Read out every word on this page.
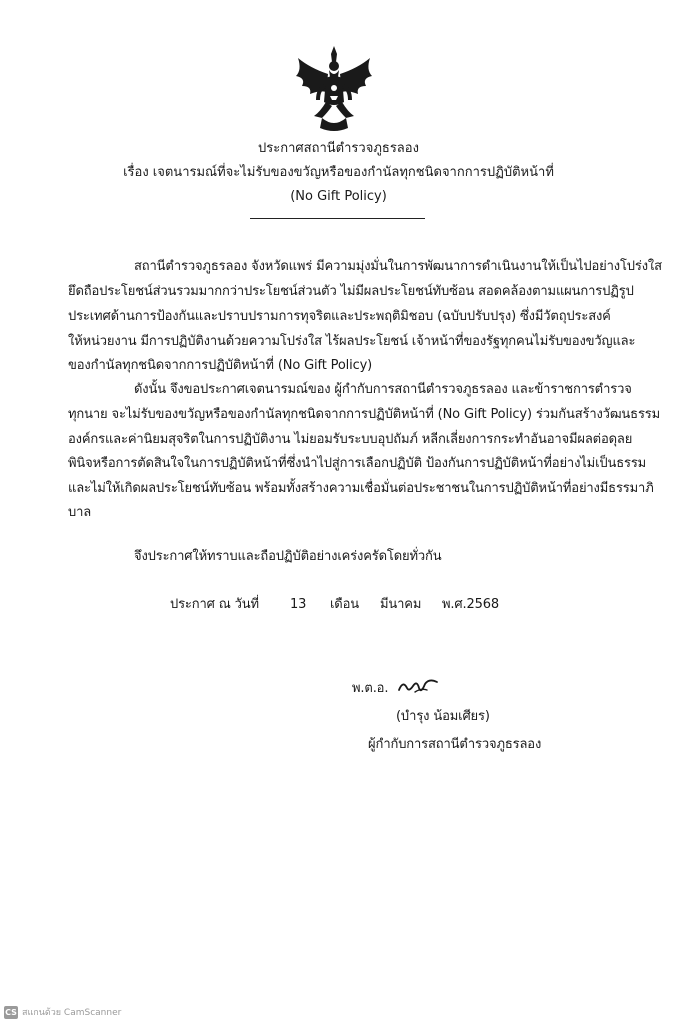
ประกาศสถานีตำรวจภูธรลอง
เรื่อง เจตนารมณ์ที่จะไม่รับของขวัญหรือของกำนัลทุกชนิดจากการปฏิบัติหน้าที่
(No Gift Policy)
สถานีตำรวจภูธรลอง จังหวัดแพร่ มีความมุ่งมั่นในการพัฒนาการดำเนินงานให้เป็นไปอย่างโปร่งใส
ยึดถือประโยชน์ส่วนรวมมากกว่าประโยชน์ส่วนตัว ไม่มีผลประโยชน์ทับซ้อน สอดคล้องตามแผนการปฏิรูป
ประเทศด้านการป้องกันและปราบปรามการทุจริตและประพฤติมิชอบ (ฉบับปรับปรุง) ซึ่งมีวัตถุประสงค์
ให้หน่วยงาน มีการปฏิบัติงานด้วยความโปร่งใส ไร้ผลประโยชน์ เจ้าหน้าที่ของรัฐทุกคนไม่รับของขวัญและ
ของกำนัลทุกชนิดจากการปฏิบัติหน้าที่ (No Gift Policy)
ดังนั้น จึงขอประกาศเจตนารมณ์ของ ผู้กำกับการสถานีตำรวจภูธรลอง และข้าราชการตำรวจ
ทุกนาย จะไม่รับของขวัญหรือของกำนัลทุกชนิดจากการปฏิบัติหน้าที่ (No Gift Policy) ร่วมกันสร้างวัฒนธรรม
องค์กรและค่านิยมสุจริตในการปฏิบัติงาน ไม่ยอมรับระบบอุปถัมภ์ หลีกเลี่ยงการกระทำอันอาจมีผลต่อดุลย
พินิจหรือการตัดสินใจในการปฏิบัติหน้าที่ซึ่งนำไปสู่การเลือกปฏิบัติ ป้องกันการปฏิบัติหน้าที่อย่างไม่เป็นธรรม
และไม่ให้เกิดผลประโยชน์ทับซ้อน พร้อมทั้งสร้างความเชื่อมั่นต่อประชาชนในการปฏิบัติหน้าที่อย่างมีธรรมาภิ
บาล
จึงประกาศให้ทราบและถือปฏิบัติอย่างเคร่งครัดโดยทั่วกัน
ประกาศ ณ วันที่ 13 เดือน มีนาคม พ.ศ.2568
พ.ต.อ.
(บำรุง น้อมเศียร)
ผู้กำกับการสถานีตำรวจภูธรลอง
CS สแกนด้วย CamScanner
